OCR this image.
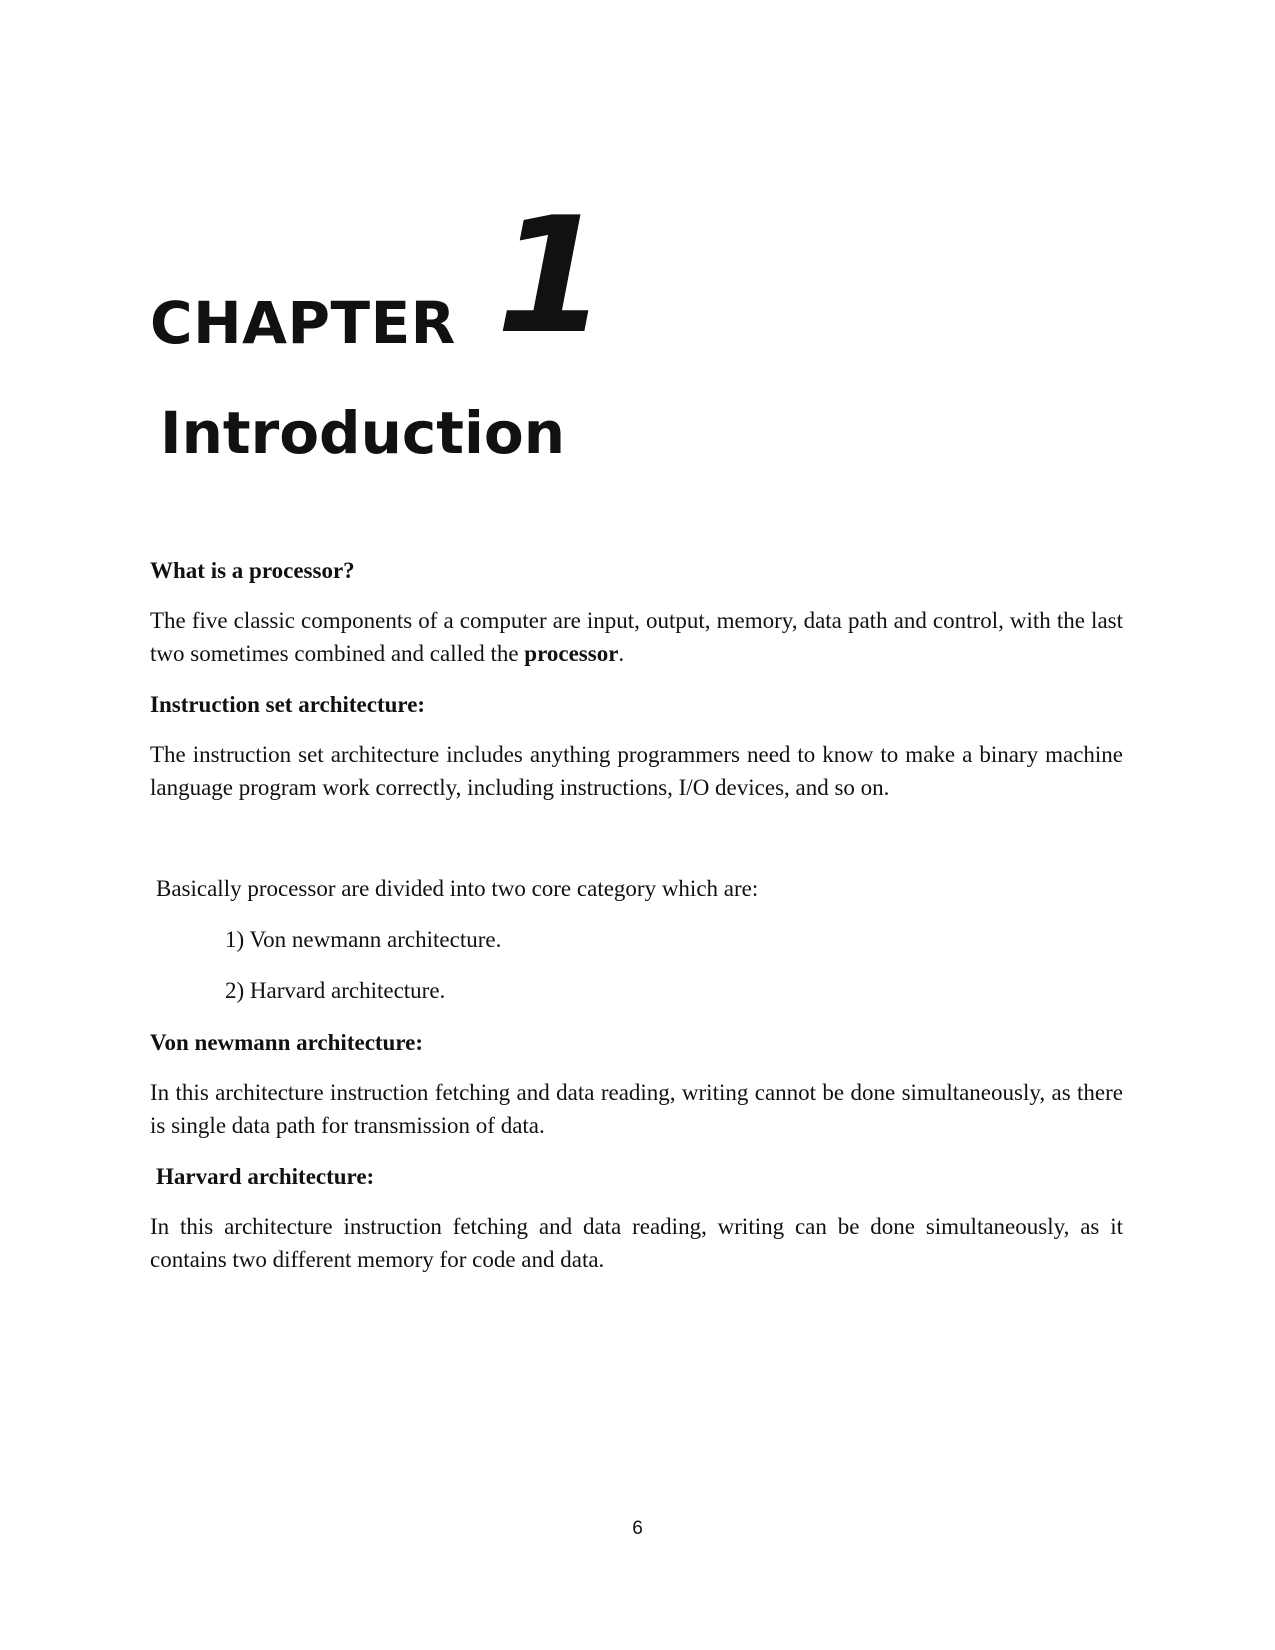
CHAPTER 1
Introduction

What is a processor?

The five classic components of a computer are input, output, memory, data path and control, with the last two sometimes combined and called the processor.

Instruction set architecture:

The instruction set architecture includes anything programmers need to know to make a binary machine language program work correctly, including instructions, I/O devices, and so on.

Basically processor are divided into two core category which are:

1) Von newmann architecture.

2) Harvard architecture.

Von newmann architecture:

In this architecture instruction fetching and data reading, writing cannot be done simultaneously, as there is single data path for transmission of data.

Harvard architecture:

In this architecture instruction fetching and data reading, writing can be done simultaneously, as it contains two different memory for code and data.

6
